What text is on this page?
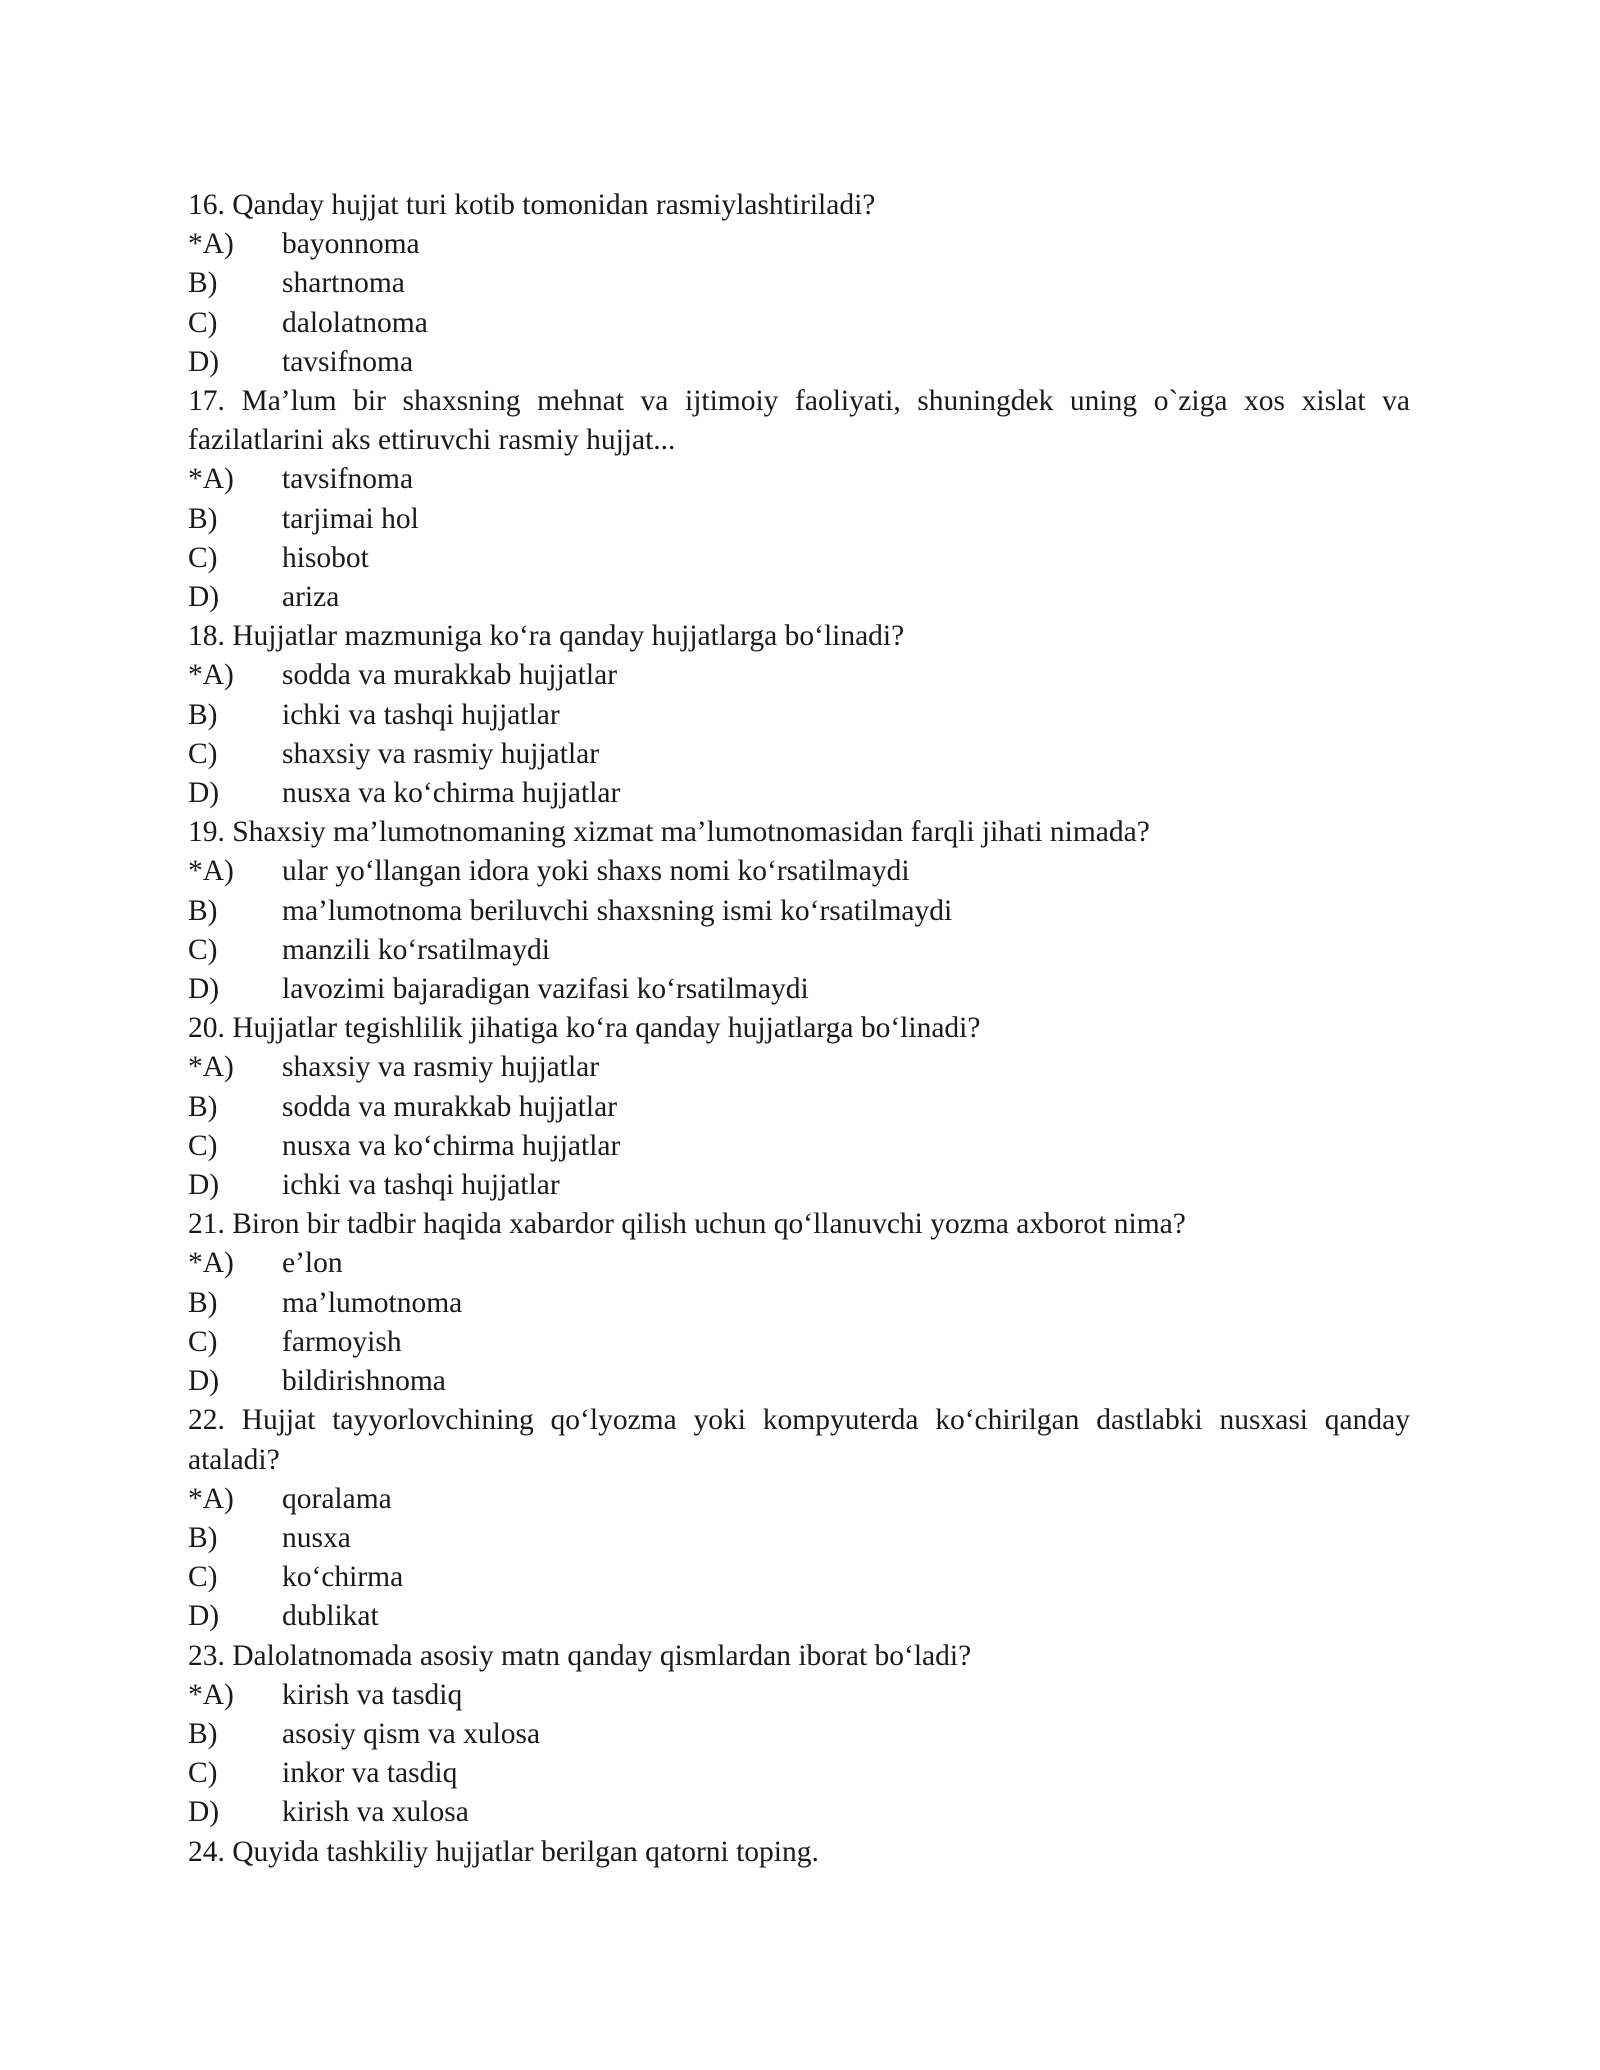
16. Qanday hujjat turi kotib tomonidan rasmiylashtiriladi?

*A)	bayonnoma
B)	shartnoma
C)	dalolatnoma
D)	tavsifnoma

17. Ma’lum bir shaxsning mehnat va ijtimoiy faoliyati, shuningdek uning o`ziga xos xislat va fazilatlarini aks ettiruvchi rasmiy hujjat...

*A)	tavsifnoma
B)	tarjimai hol
C)	hisobot
D)	ariza

18. Hujjatlar mazmuniga ko‘ra qanday hujjatlarga bo‘linadi?

*A)	sodda va murakkab hujjatlar
B)	ichki va tashqi hujjatlar
C)	shaxsiy va rasmiy hujjatlar
D)	nusxa va ko‘chirma hujjatlar

19. Shaxsiy ma’lumotnomaning xizmat ma’lumotnomasidan farqli jihati nimada?

*A)	ular yo‘llangan idora yoki shaxs nomi ko‘rsatilmaydi
B)	ma’lumotnoma beriluvchi shaxsning ismi ko‘rsatilmaydi
C)	manzili ko‘rsatilmaydi
D)	lavozimi bajaradigan vazifasi ko‘rsatilmaydi

20. Hujjatlar tegishlilik jihatiga ko‘ra qanday hujjatlarga bo‘linadi?

*A)	shaxsiy va rasmiy hujjatlar
B)	sodda va murakkab hujjatlar
C)	nusxa va ko‘chirma hujjatlar
D)	ichki va tashqi hujjatlar

21. Biron bir tadbir haqida xabardor qilish uchun qo‘llanuvchi yozma axborot nima?

*A)	e’lon
B)	ma’lumotnoma
C)	farmoyish
D)	bildirishnoma

22. Hujjat tayyorlovchining qo‘lyozma yoki kompyuterda ko‘chirilgan dastlabki nusxasi qanday ataladi?

*A)	qoralama
B)	nusxa
C)	ko‘chirma
D)	dublikat

23. Dalolatnomada asosiy matn qanday qismlardan iborat bo‘ladi?

*A)	kirish va tasdiq
B)	asosiy qism va xulosa
C)	inkor va tasdiq
D)	kirish va xulosa

24. Quyida tashkiliy hujjatlar berilgan qatorni toping.
